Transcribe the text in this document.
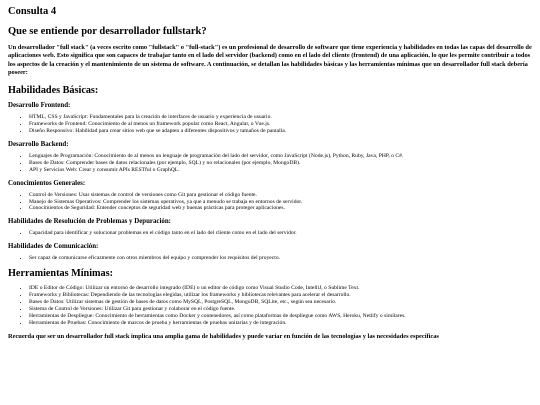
Consulta 4
Que se entiende por desarrollador fullstark?

Un desarrollador "full stack" (a veces escrito como "fullstack" o "full-stack") es un profesional de desarrollo de software que tiene experiencia y habilidades en todas las capas del desarrollo de aplicaciones web. Esto significa que son capaces de trabajar tanto en el lado del servidor (backend) como en el lado del cliente (frontend) de una aplicación, lo que les permite contribuir a todos los aspectos de la creación y el mantenimiento de un sistema de software. A continuación, se detallan las habilidades básicas y las herramientas mínimas que un desarrollador full stack debería poseer:

Habilidades Básicas:
Desarrollo Frontend:
• HTML, CSS y JavaScript: Fundamentales para la creación de interfaces de usuario y experiencia de usuario.
• Frameworks de Frontend: Conocimiento de al menos un framework popular como React, Angular, o Vue.js.
• Diseño Responsivo: Habilidad para crear sitios web que se adapten a diferentes dispositivos y tamaños de pantalla.
Desarrollo Backend:
• Lenguajes de Programación: Conocimiento de al menos un lenguaje de programación del lado del servidor, como JavaScript (Node.js), Python, Ruby, Java, PHP, o C#.
• Bases de Datos: Comprender bases de datos relacionales (por ejemplo, SQL) y no relacionales (por ejemplo, MongoDB).
• API y Servicios Web: Crear y consumir APIs RESTful o GraphQL.
Conocimientos Generales:
• Control de Versiones: Usar sistemas de control de versiones como Git para gestionar el código fuente.
• Manejo de Sistemas Operativos: Comprender los sistemas operativos, ya que a menudo se trabaja en entornos de servidor.
• Conocimientos de Seguridad: Entender conceptos de seguridad web y buenas prácticas para proteger aplicaciones.
Habilidades de Resolución de Problemas y Depuración:
• Capacidad para identificar y solucionar problemas en el código tanto en el lado del cliente como en el lado del servidor.
Habilidades de Comunicación:
• Ser capaz de comunicarse eficazmente con otros miembros del equipo y comprender los requisitos del proyecto.
Herramientas Mínimas:
• IDE o Editor de Código: Utilizar un entorno de desarrollo integrado (IDE) o un editor de código como Visual Studio Code, IntelliJ, o Sublime Text.
• Frameworks y Bibliotecas: Dependiendo de las tecnologías elegidas, utilizar los frameworks y bibliotecas relevantes para acelerar el desarrollo.
• Bases de Datos: Utilizar sistemas de gestión de bases de datos como MySQL, PostgreSQL, MongoDB, SQLite, etc., según sea necesario.
• Sistema de Control de Versiones: Utilizar Git para gestionar y colaborar en el código fuente.
• Herramientas de Despliegue: Conocimiento de herramientas como Docker y contenedores, así como plataformas de despliegue como AWS, Heroku, Netlify o similares.
• Herramientas de Pruebas: Conocimiento de marcos de prueba y herramientas de pruebas unitarias y de integración.

Recuerda que ser un desarrollador full stack implica una amplia gama de habilidades y puede variar en función de las tecnologías y las necesidades específicas
